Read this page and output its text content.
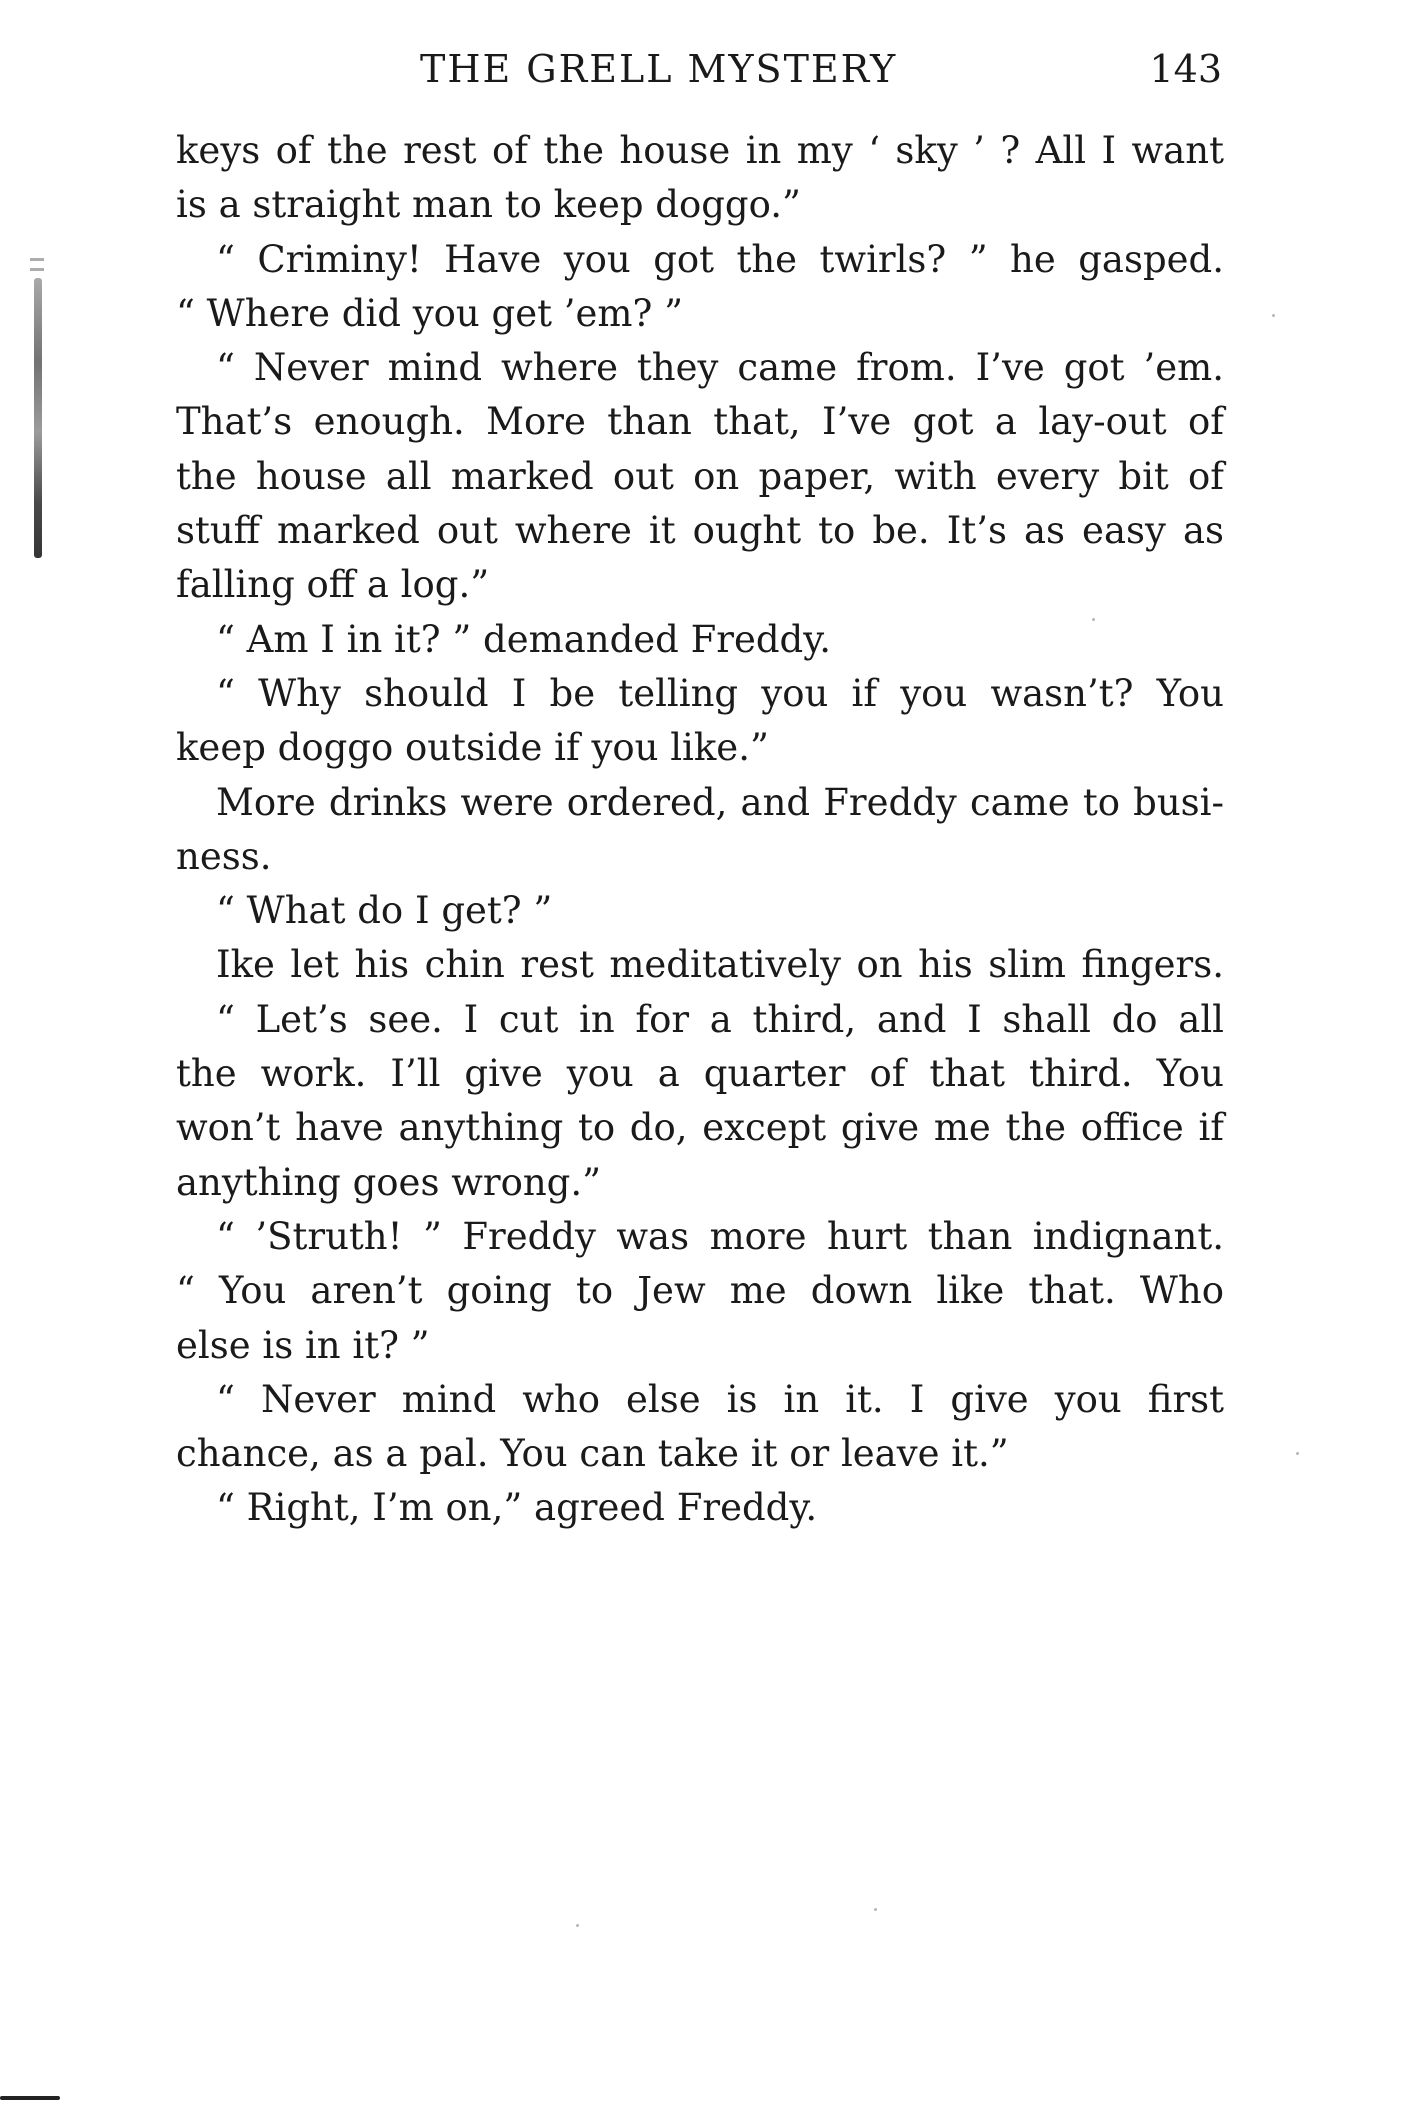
THE GRELL MYSTERY	143
keys of the rest of the house in my ‘ sky ’ ? All I want
is a straight man to keep doggo.”
“ Criminy! Have you got the twirls? ” he gasped.
“ Where did you get ’em? ”
“ Never mind where they came from. I’ve got ’em.
That’s enough. More than that, I’ve got a lay-out of
the house all marked out on paper, with every bit of
stuff marked out where it ought to be. It’s as easy as
falling off a log.”
“ Am I in it? ” demanded Freddy.
“ Why should I be telling you if you wasn’t? You
keep doggo outside if you like.”
More drinks were ordered, and Freddy came to busi-
ness.
“ What do I get? ”
Ike let his chin rest meditatively on his slim fingers.
“ Let’s see. I cut in for a third, and I shall do all
the work. I’ll give you a quarter of that third. You
won’t have anything to do, except give me the office if
anything goes wrong.”
“ ’Struth! ” Freddy was more hurt than indignant.
“ You aren’t going to Jew me down like that. Who
else is in it? ”
“ Never mind who else is in it. I give you first
chance, as a pal. You can take it or leave it.”
“ Right, I’m on,” agreed Freddy.
